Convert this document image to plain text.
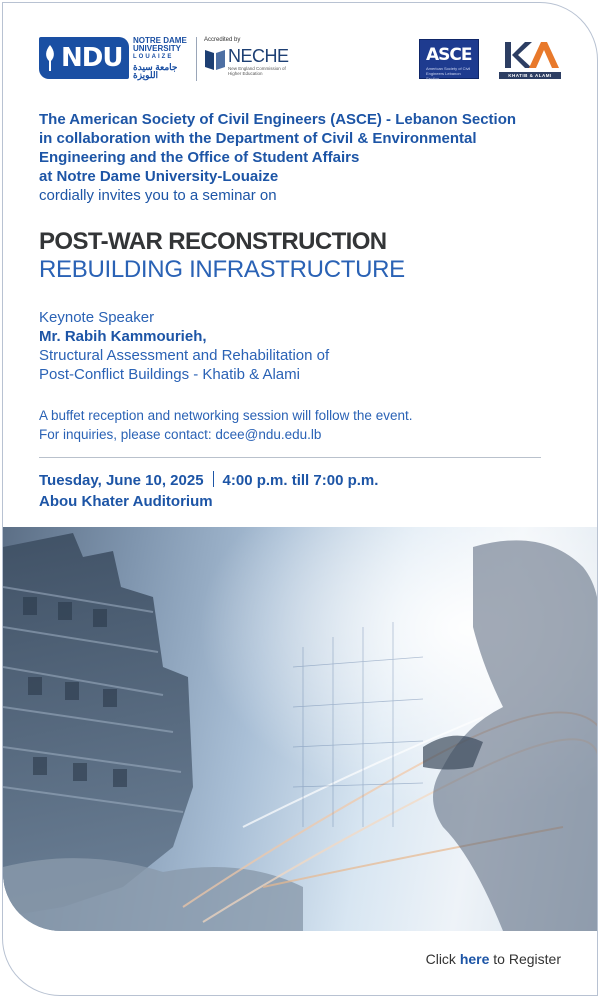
NDU
NOTRE DAME
UNIVERSITY
LOUAIZE
جامعة سيدة اللويزة
Accredited by
NECHE
New England Commission of Higher Education
ASCE
American Society of Civil Engineers Lebanon Section
KHATIB & ALAMI
The American Society of Civil Engineers (ASCE) - Lebanon Section
in collaboration with the Department of Civil & Environmental
Engineering and the Office of Student Affairs
at Notre Dame University-Louaize
cordially invites you to a seminar on
POST-WAR RECONSTRUCTION
REBUILDING INFRASTRUCTURE
Keynote Speaker
Mr. Rabih Kammourieh,
Structural Assessment and Rehabilitation of
Post-Conflict Buildings - Khatib & Alami
A buffet reception and networking session will follow the event.
For inquiries, please contact: dcee@ndu.edu.lb
Tuesday, June 10, 2025 4:00 p.m. till 7:00 p.m.
Abou Khater Auditorium
Click here to Register
